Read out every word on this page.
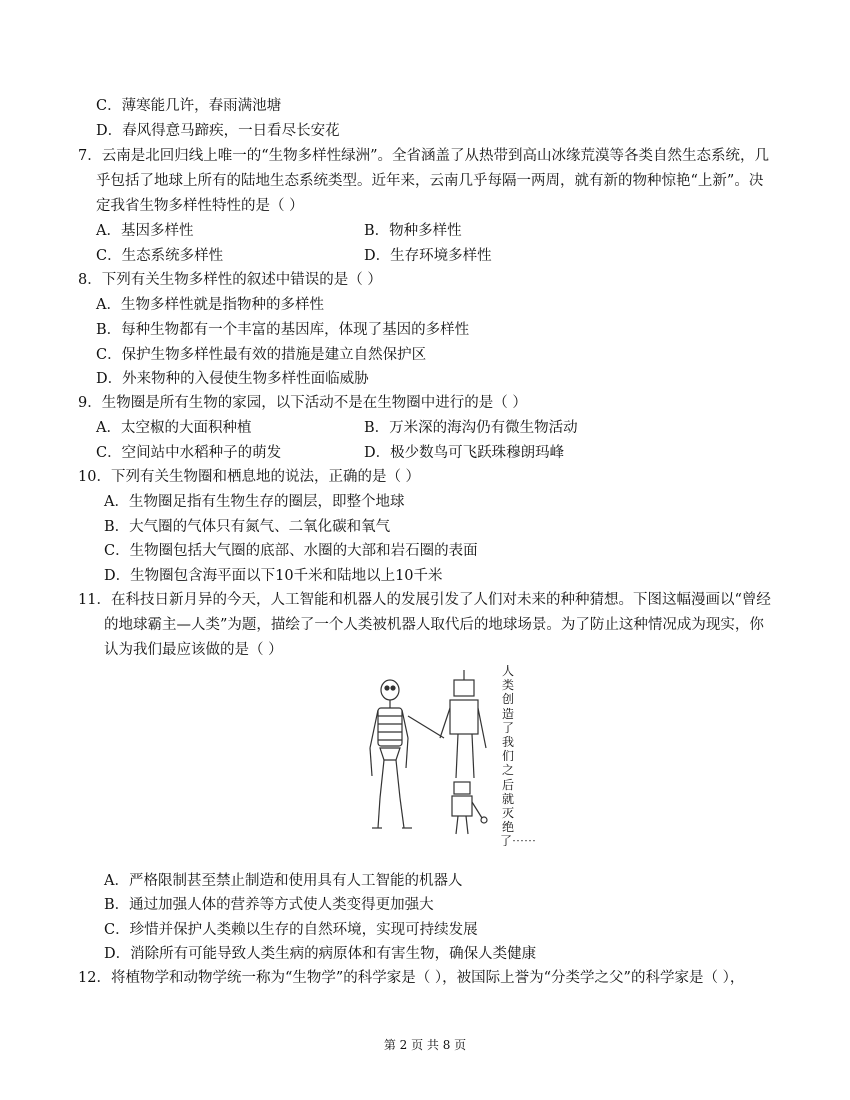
C．薄寒能几许，春雨满池塘
D．春风得意马蹄疾，一日看尽长安花
7．云南是北回归线上唯一的“生物多样性绿洲”。全省涵盖了从热带到高山冰缘荒漠等各类自然生态系统，几
乎包括了地球上所有的陆地生态系统类型。近年来，云南几乎每隔一两周，就有新的物种惊艳“上新”。决
定我省生物多样性特性的是（ ）
A．基因多样性	B．物种多样性
C．生态系统多样性	D．生存环境多样性
8．下列有关生物多样性的叙述中错误的是（ ）
A．生物多样性就是指物种的多样性
B．每种生物都有一个丰富的基因库，体现了基因的多样性
C．保护生物多样性最有效的措施是建立自然保护区
D．外来物种的入侵使生物多样性面临威胁
9．生物圈是所有生物的家园，以下活动不是在生物圈中进行的是（ ）
A．太空椒的大面积种植	B．万米深的海沟仍有微生物活动
C．空间站中水稻种子的萌发	D．极少数鸟可飞跃珠穆朗玛峰
10．下列有关生物圈和栖息地的说法，正确的是（ ）
A．生物圈足指有生物生存的圈层，即整个地球
B．大气圈的气体只有氮气、二氧化碳和氧气
C．生物圈包括大气圈的底部、水圈的大部和岩石圈的表面
D．生物圈包含海平面以下10千米和陆地以上10千米
11．在科技日新月异的今天，人工智能和机器人的发展引发了人们对未来的种种猜想。下图这幅漫画以“曾经
的地球霸主—人类”为题，描绘了一个人类被机器人取代后的地球场景。为了防止这种情况成为现实，你
认为我们最应该做的是（ ）
人类创造了我们之后就灭绝了⋯⋯
A．严格限制甚至禁止制造和使用具有人工智能的机器人
B．通过加强人体的营养等方式使人类变得更加强大
C．珍惜并保护人类赖以生存的自然环境，实现可持续发展
D．消除所有可能导致人类生病的病原体和有害生物，确保人类健康
12．将植物学和动物学统一称为“生物学”的科学家是（ ），被国际上誉为“分类学之父”的科学家是（ ），
第 2 页 共 8 页
